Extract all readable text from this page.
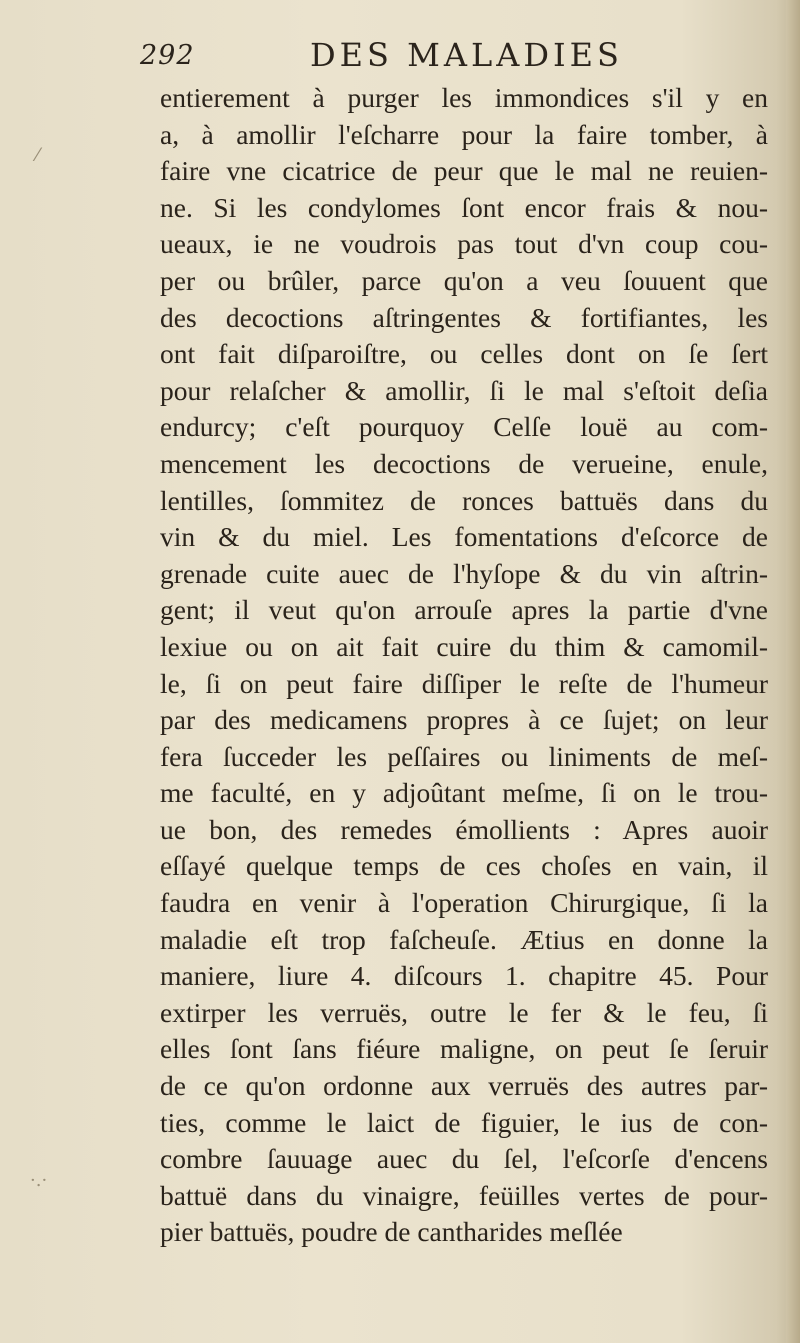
292	DES MALADIES
entierement à purger les immondices s'il y en
a, à amollir l'eſcharre pour la faire tomber, à
faire vne cicatrice de peur que le mal ne reuien-
ne. Si les condylomes ſont encor frais & nou-
ueaux, ie ne voudrois pas tout d'vn coup cou-
per ou brûler, parce qu'on a veu ſouuent que
des decoctions aſtringentes & fortifiantes, les
ont fait diſparoiſtre, ou celles dont on ſe ſert
pour relaſcher & amollir, ſi le mal s'eſtoit deſia
endurcy; c'eſt pourquoy Celſe louë au com-
mencement les decoctions de verueine, enule,
lentilles, ſommitez de ronces battuës dans du
vin & du miel. Les fomentations d'eſcorce de
grenade cuite auec de l'hyſope & du vin aſtrin-
gent; il veut qu'on arrouſe apres la partie d'vne
lexiue ou on ait fait cuire du thim & camomil-
le, ſi on peut faire diſſiper le reſte de l'humeur
par des medicamens propres à ce ſujet; on leur
fera ſucceder les peſſaires ou liniments de meſ-
me faculté, en y adjoûtant meſme, ſi on le trou-
ue bon, des remedes émollients : Apres auoir
eſſayé quelque temps de ces choſes en vain, il
faudra en venir à l'operation Chirurgique, ſi la
maladie eſt trop faſcheuſe. Ætius en donne la
maniere, liure 4. diſcours 1. chapitre 45. Pour
extirper les verruës, outre le fer & le feu, ſi
elles ſont ſans fiéure maligne, on peut ſe ſeruir
de ce qu'on ordonne aux verruës des autres par-
ties, comme le laict de figuier, le ius de con-
combre ſauuage auec du ſel, l'eſcorſe d'encens
battuë dans du vinaigre, feüilles vertes de pour-
pier battuës, poudre de cantharides meſlée
⁄
·.·
